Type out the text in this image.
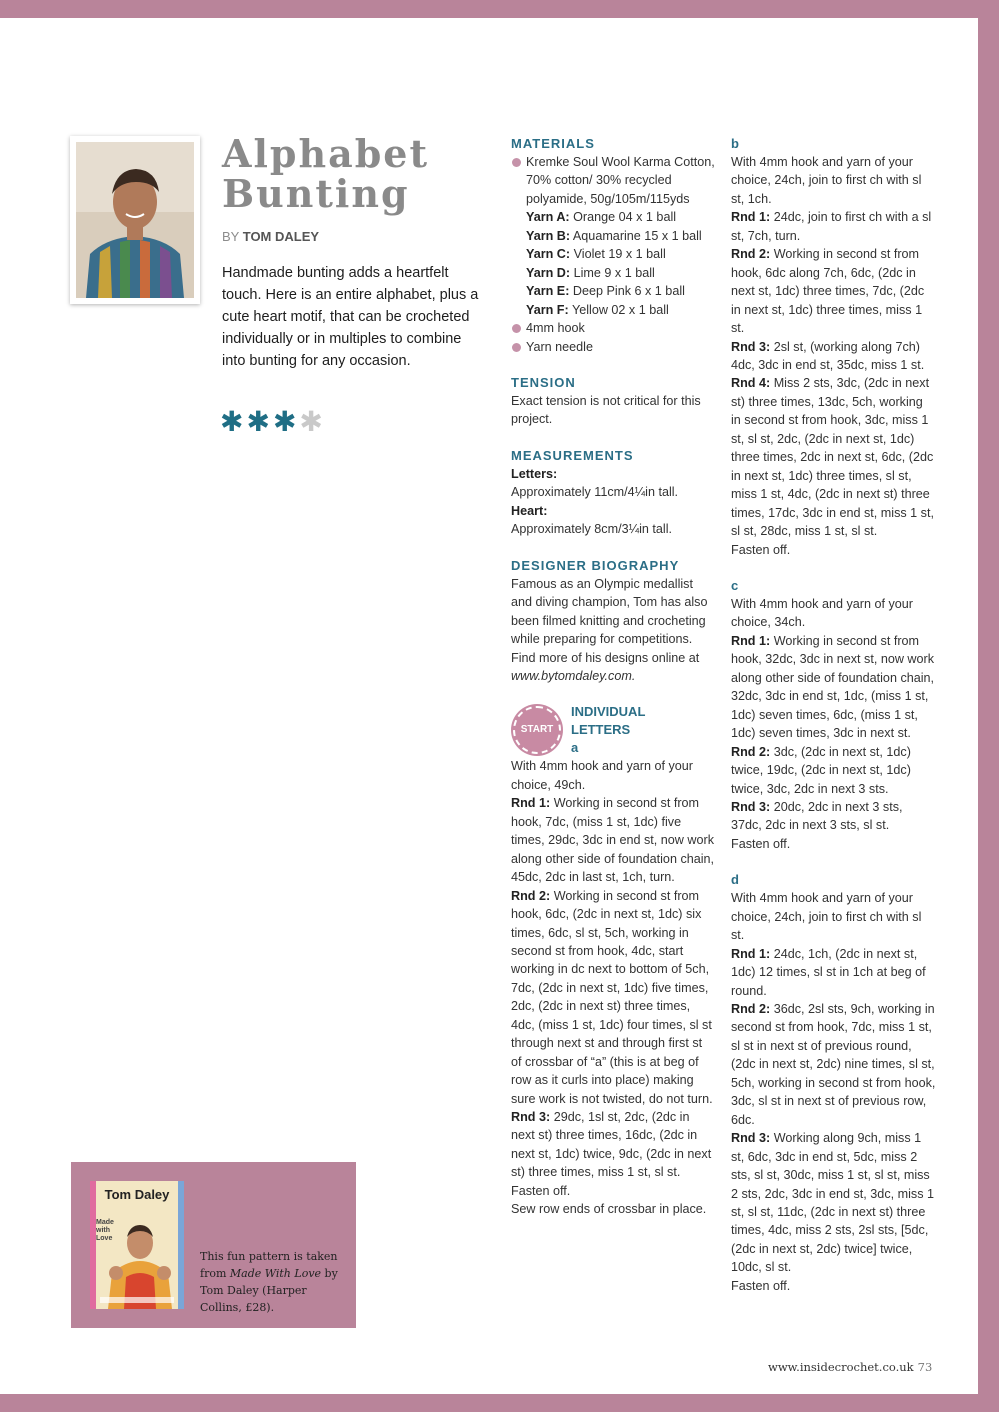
Alphabet
Bunting
BY TOM DALEY
Handmade bunting adds a heartfelt touch. Here is an entire alphabet, plus a cute heart motif, that can be crocheted individually or in multiples to combine into bunting for any occasion.
✱ ✱ ✱ ✱
MATERIALS
Kremke Soul Wool Karma Cotton, 70% cotton/ 30% recycled polyamide, 50g/105m/115yds
Yarn A: Orange 04 x 1 ball
Yarn B: Aquamarine 15 x 1 ball
Yarn C: Violet 19 x 1 ball
Yarn D: Lime 9 x 1 ball
Yarn E: Deep Pink 6 x 1 ball
Yarn F: Yellow 02 x 1 ball
4mm hook
Yarn needle
TENSION
Exact tension is not critical for this project.
MEASUREMENTS
Letters:
Approximately 11cm/4¼in tall.
Heart:
Approximately 8cm/3¼in tall.
DESIGNER BIOGRAPHY
Famous as an Olympic medallist and diving champion, Tom has also been filmed knitting and crocheting while preparing for competitions. Find more of his designs online at www.bytomdaley.com.
START
INDIVIDUAL
LETTERS
a
With 4mm hook and yarn of your choice, 49ch.
Rnd 1: Working in second st from hook, 7dc, (miss 1 st, 1dc) five times, 29dc, 3dc in end st, now work along other side of foundation chain, 45dc, 2dc in last st, 1ch, turn.
Rnd 2: Working in second st from hook, 6dc, (2dc in next st, 1dc) six times, 6dc, sl st, 5ch, working in second st from hook, 4dc, start working in dc next to bottom of 5ch, 7dc, (2dc in next st, 1dc) five times, 2dc, (2dc in next st) three times, 4dc, (miss 1 st, 1dc) four times, sl st through next st and through first st of crossbar of “a” (this is at beg of row as it curls into place) making sure work is not twisted, do not turn.
Rnd 3: 29dc, 1sl st, 2dc, (2dc in next st) three times, 16dc, (2dc in next st, 1dc) twice, 9dc, (2dc in next st) three times, miss 1 st, sl st.
Fasten off.
Sew row ends of crossbar in place.
b
With 4mm hook and yarn of your choice, 24ch, join to first ch with sl st, 1ch.
Rnd 1: 24dc, join to first ch with a sl st, 7ch, turn.
Rnd 2: Working in second st from hook, 6dc along 7ch, 6dc, (2dc in next st, 1dc) three times, 7dc, (2dc in next st, 1dc) three times, miss 1 st.
Rnd 3: 2sl st, (working along 7ch) 4dc, 3dc in end st, 35dc, miss 1 st.
Rnd 4: Miss 2 sts, 3dc, (2dc in next st) three times, 13dc, 5ch, working in second st from hook, 3dc, miss 1 st, sl st, 2dc, (2dc in next st, 1dc) three times, 2dc in next st, 6dc, (2dc in next st, 1dc) three times, sl st, miss 1 st, 4dc, (2dc in next st) three times, 17dc, 3dc in end st, miss 1 st, sl st, 28dc, miss 1 st, sl st.
Fasten off.
c
With 4mm hook and yarn of your choice, 34ch.
Rnd 1: Working in second st from hook, 32dc, 3dc in next st, now work along other side of foundation chain, 32dc, 3dc in end st, 1dc, (miss 1 st, 1dc) seven times, 6dc, (miss 1 st, 1dc) seven times, 3dc in next st.
Rnd 2: 3dc, (2dc in next st, 1dc) twice, 19dc, (2dc in next st, 1dc) twice, 3dc, 2dc in next 3 sts.
Rnd 3: 20dc, 2dc in next 3 sts, 37dc, 2dc in next 3 sts, sl st.
Fasten off.
d
With 4mm hook and yarn of your choice, 24ch, join to first ch with sl st.
Rnd 1: 24dc, 1ch, (2dc in next st, 1dc) 12 times, sl st in 1ch at beg of round.
Rnd 2: 36dc, 2sl sts, 9ch, working in second st from hook, 7dc, miss 1 st, sl st in next st of previous round, (2dc in next st, 2dc) nine times, sl st, 5ch, working in second st from hook, 3dc, sl st in next st of previous row, 6dc.
Rnd 3: Working along 9ch, miss 1 st, 6dc, 3dc in end st, 5dc, miss 2 sts, sl st, 30dc, miss 1 st, sl st, miss 2 sts, 2dc, 3dc in end st, 3dc, miss 1 st, sl st, 11dc, (2dc in next st) three times, 4dc, miss 2 sts, 2sl sts, [5dc, (2dc in next st, 2dc) twice] twice, 10dc, sl st.
Fasten off.
Tom Daley
Made
with
Love
This fun pattern is taken from Made With Love by Tom Daley (Harper Collins, £28).
www.insidecrochet.co.uk 73
